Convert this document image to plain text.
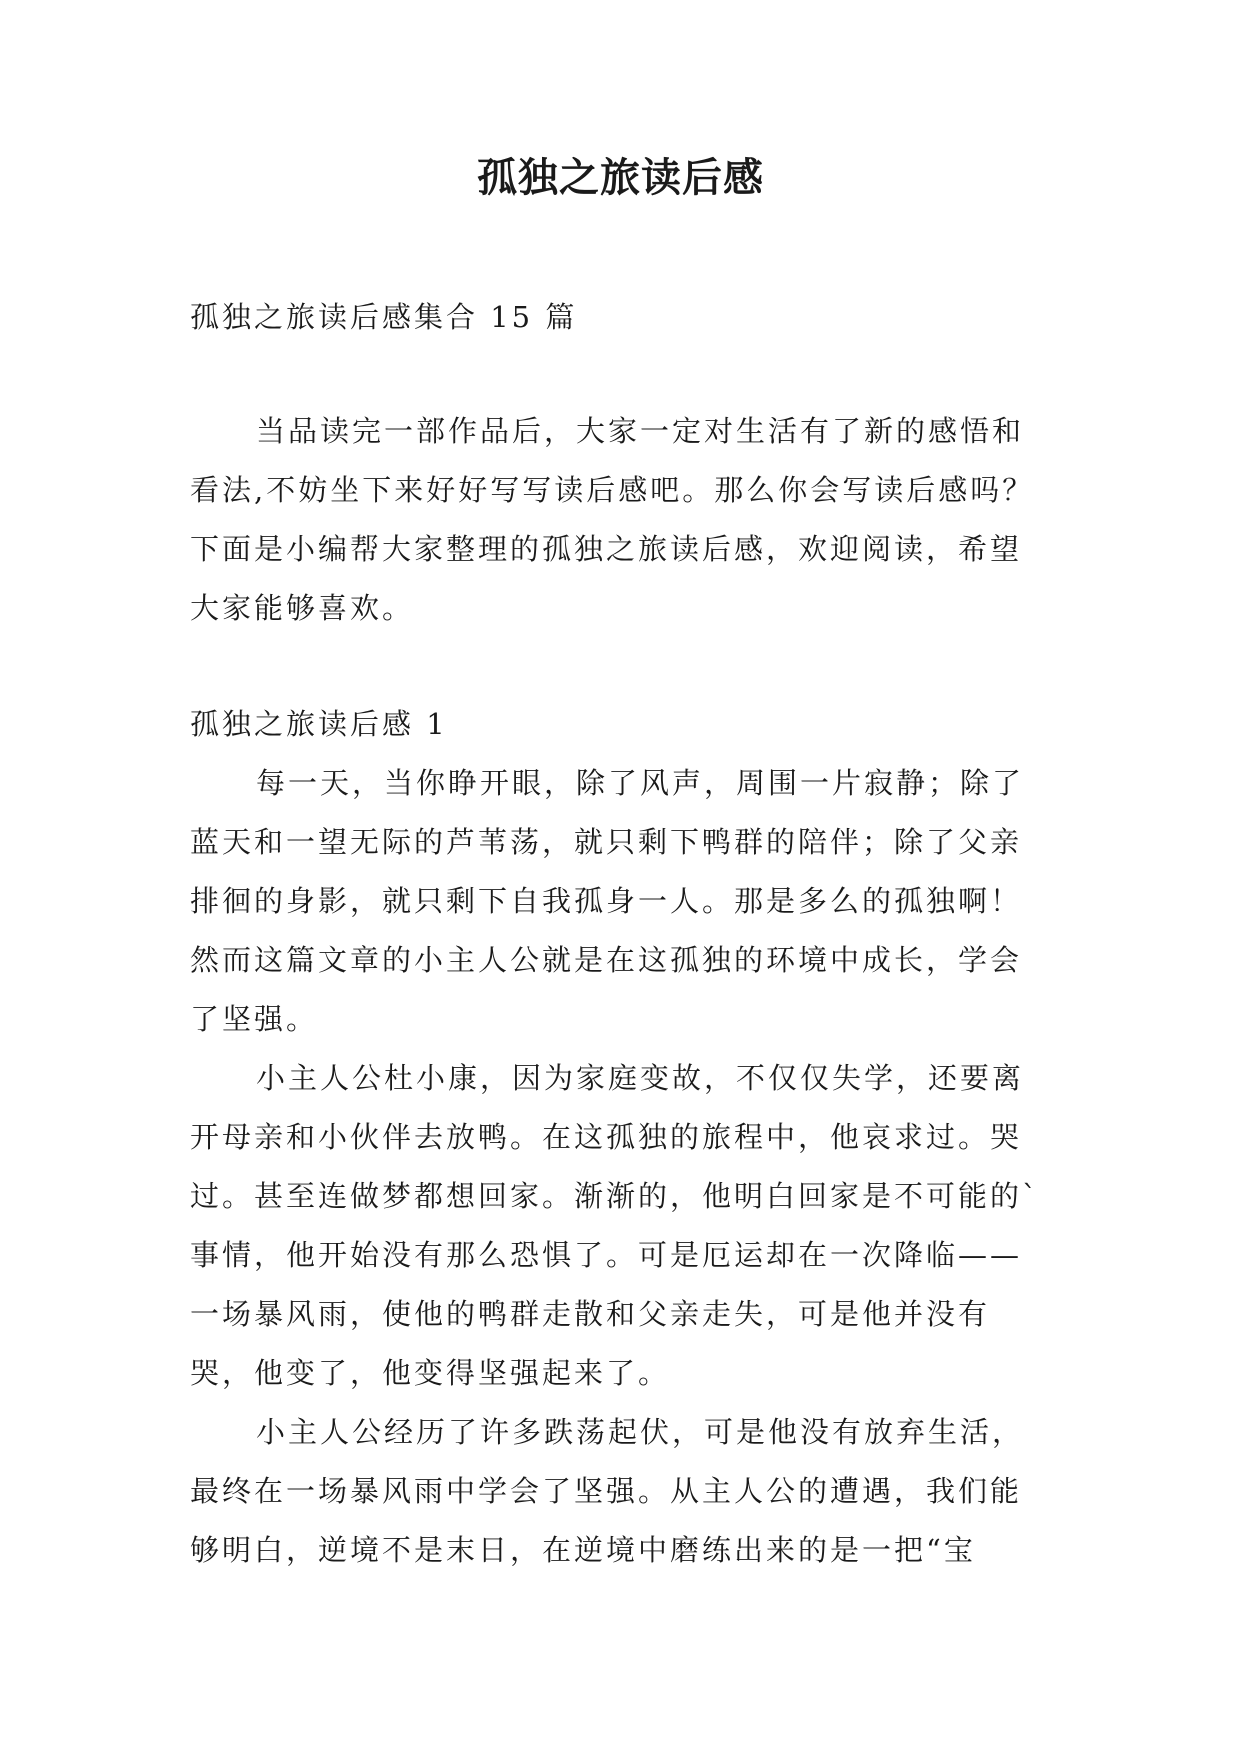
孤独之旅读后感

孤独之旅读后感集合 15 篇

当品读完一部作品后，大家一定对生活有了新的感悟和看法,不妨坐下来好好写写读后感吧。那么你会写读后感吗？下面是小编帮大家整理的孤独之旅读后感，欢迎阅读，希望大家能够喜欢。

孤独之旅读后感 1

每一天，当你睁开眼，除了风声，周围一片寂静；除了蓝天和一望无际的芦苇荡，就只剩下鸭群的陪伴；除了父亲排徊的身影，就只剩下自我孤身一人。那是多么的孤独啊！然而这篇文章的小主人公就是在这孤独的环境中成长，学会了坚强。

小主人公杜小康，因为家庭变故，不仅仅失学，还要离开母亲和小伙伴去放鸭。在这孤独的旅程中，他哀求过。哭过。甚至连做梦都想回家。渐渐的，他明白回家是不可能的`事情，他开始没有那么恐惧了。可是厄运却在一次降临——一场暴风雨，使他的鸭群走散和父亲走失，可是他并没有哭，他变了，他变得坚强起来了。

小主人公经历了许多跌荡起伏，可是他没有放弃生活，最终在一场暴风雨中学会了坚强。从主人公的遭遇，我们能够明白，逆境不是末日，在逆境中磨练出来的是一把“宝
